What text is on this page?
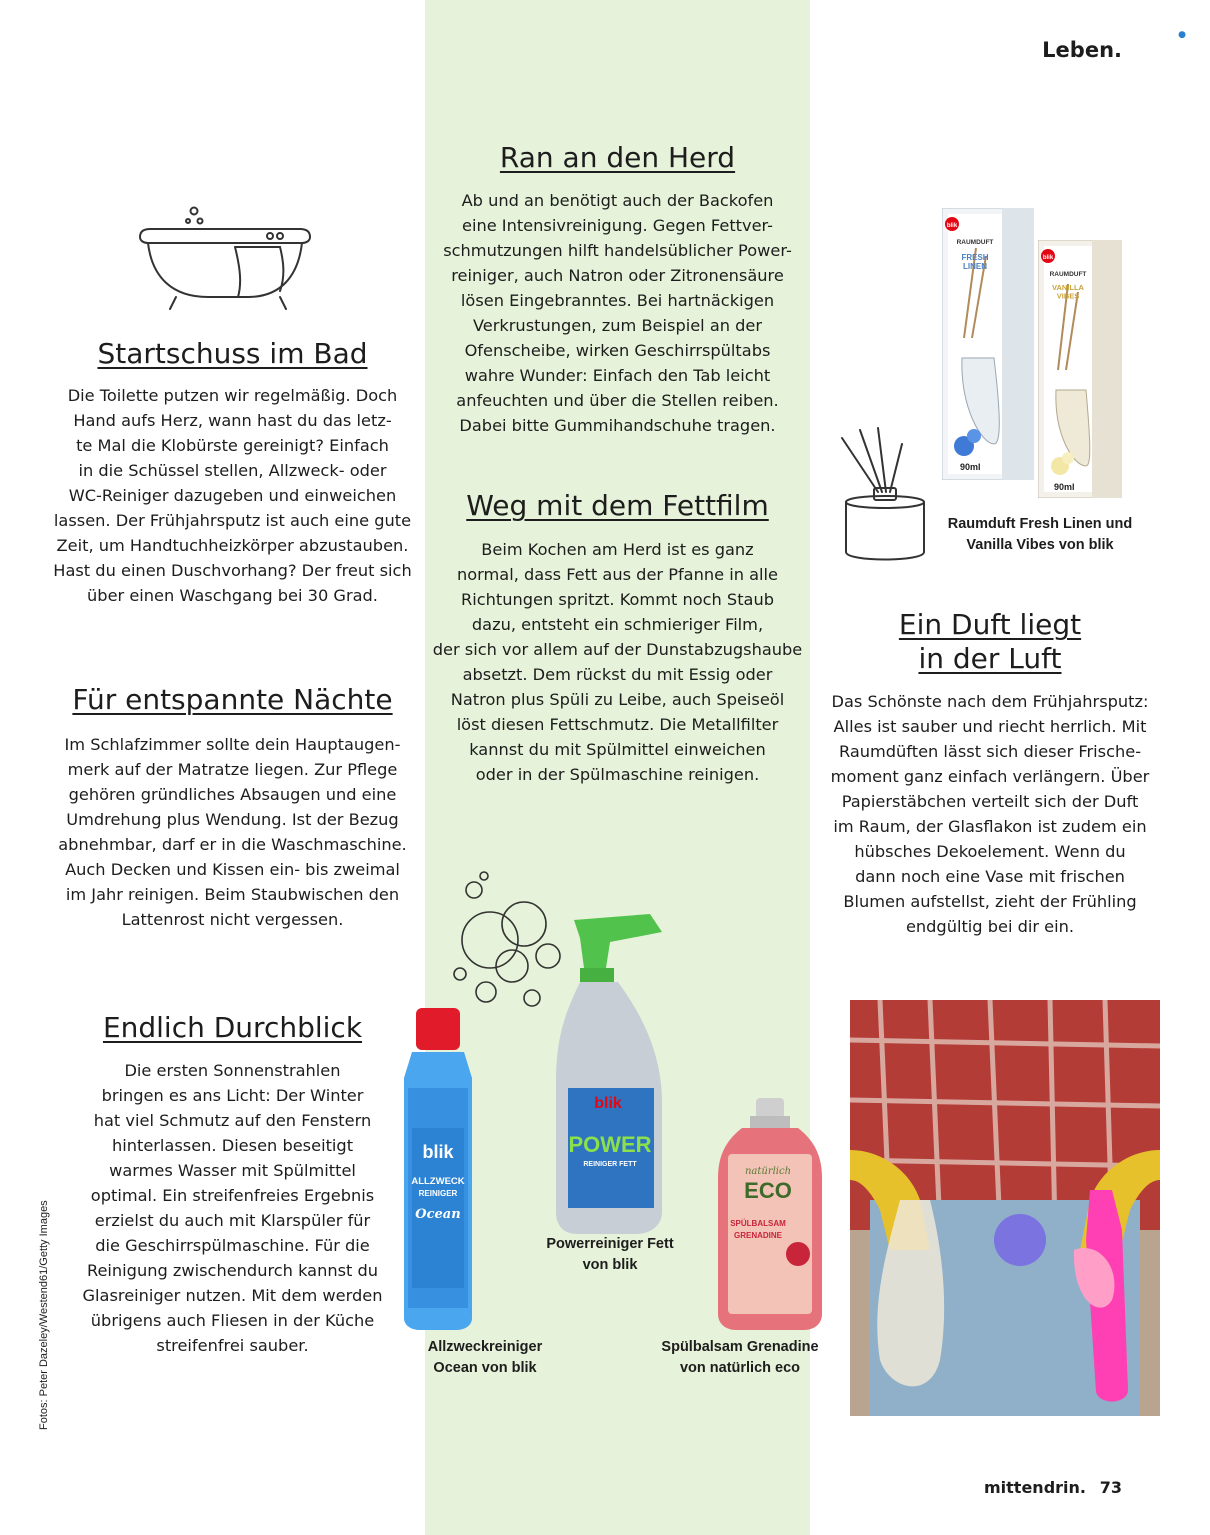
Leben.
●
Startschuss im Bad

Die Toilette putzen wir regelmäßig. Doch
Hand aufs Herz, wann hast du das letz-
te Mal die Klobürste gereinigt? Einfach
in die Schüssel stellen, Allzweck- oder
WC-Reiniger dazugeben und einweichen
lassen. Der Frühjahrsputz ist auch eine gute
Zeit, um Handtuchheizkörper abzustauben.
Hast du einen Duschvorhang? Der freut sich
über einen Waschgang bei 30 Grad.

Für entspannte Nächte

Im Schlafzimmer sollte dein Hauptaugen-
merk auf der Matratze liegen. Zur Pflege
gehören gründliches Absaugen und eine
Umdrehung plus Wendung. Ist der Bezug
abnehmbar, darf er in die Waschmaschine.
Auch Decken und Kissen ein- bis zweimal
im Jahr reinigen. Beim Staubwischen den
Lattenrost nicht vergessen.

Endlich Durchblick

Die ersten Sonnenstrahlen
bringen es ans Licht: Der Winter
hat viel Schmutz auf den Fenstern
hinterlassen. Diesen beseitigt
warmes Wasser mit Spülmittel
optimal. Ein streifenfreies Ergebnis
erzielst du auch mit Klarspüler für
die Geschirrspülmaschine. Für die
Reinigung zwischendurch kannst du
Glasreiniger nutzen. Mit dem werden
übrigens auch Fliesen in der Küche
streifenfrei sauber.

Ran an den Herd

Ab und an benötigt auch der Backofen
eine Intensivreinigung. Gegen Fettver-
schmutzungen hilft handelsüblicher Power-
reiniger, auch Natron oder Zitronensäure
lösen Eingebranntes. Bei hartnäckigen
Verkrustungen, zum Beispiel an der
Ofenscheibe, wirken Geschirrspültabs
wahre Wunder: Einfach den Tab leicht
anfeuchten und über die Stellen reiben.
Dabei bitte Gummihandschuhe tragen.

Weg mit dem Fettfilm

Beim Kochen am Herd ist es ganz
normal, dass Fett aus der Pfanne in alle
Richtungen spritzt. Kommt noch Staub
dazu, entsteht ein schmieriger Film,
der sich vor allem auf der Dunstabzugshaube
absetzt. Dem rückst du mit Essig oder
Natron plus Spüli zu Leibe, auch Speiseöl
löst diesen Fettschmutz. Die Metallfilter
kannst du mit Spülmittel einweichen
oder in der Spülmaschine reinigen.

Ein Duft liegt
in der Luft

Das Schönste nach dem Frühjahrsputz:
Alles ist sauber und riecht herrlich. Mit
Raumdüften lässt sich dieser Frische-
moment ganz einfach verlängern. Über
Papierstäbchen verteilt sich der Duft
im Raum, der Glasflakon ist zudem ein
hübsches Dekoelement. Wenn du
dann noch eine Vase mit frischen
Blumen aufstellst, zieht der Frühling
endgültig bei dir ein.

blik
RAUMDUFT
FRESH LINEN
90ml
blik
RAUMDUFT
VANILLA VIBES
90ml

Raumduft Fresh Linen und
Vanilla Vibes von blik

blik
ALLZWECK
REINIGER
Ocean
blik
POWER
REINIGER FETT
natürlich
ECO
SPÜLBALSAM
GRENADINE

Powerreiniger Fett
von blik

Allzweckreiniger
Ocean von blik

Spülbalsam Grenadine
von natürlich eco

Fotos: Peter Dazeley/Westend61/Getty Images

mittendrin. 73
